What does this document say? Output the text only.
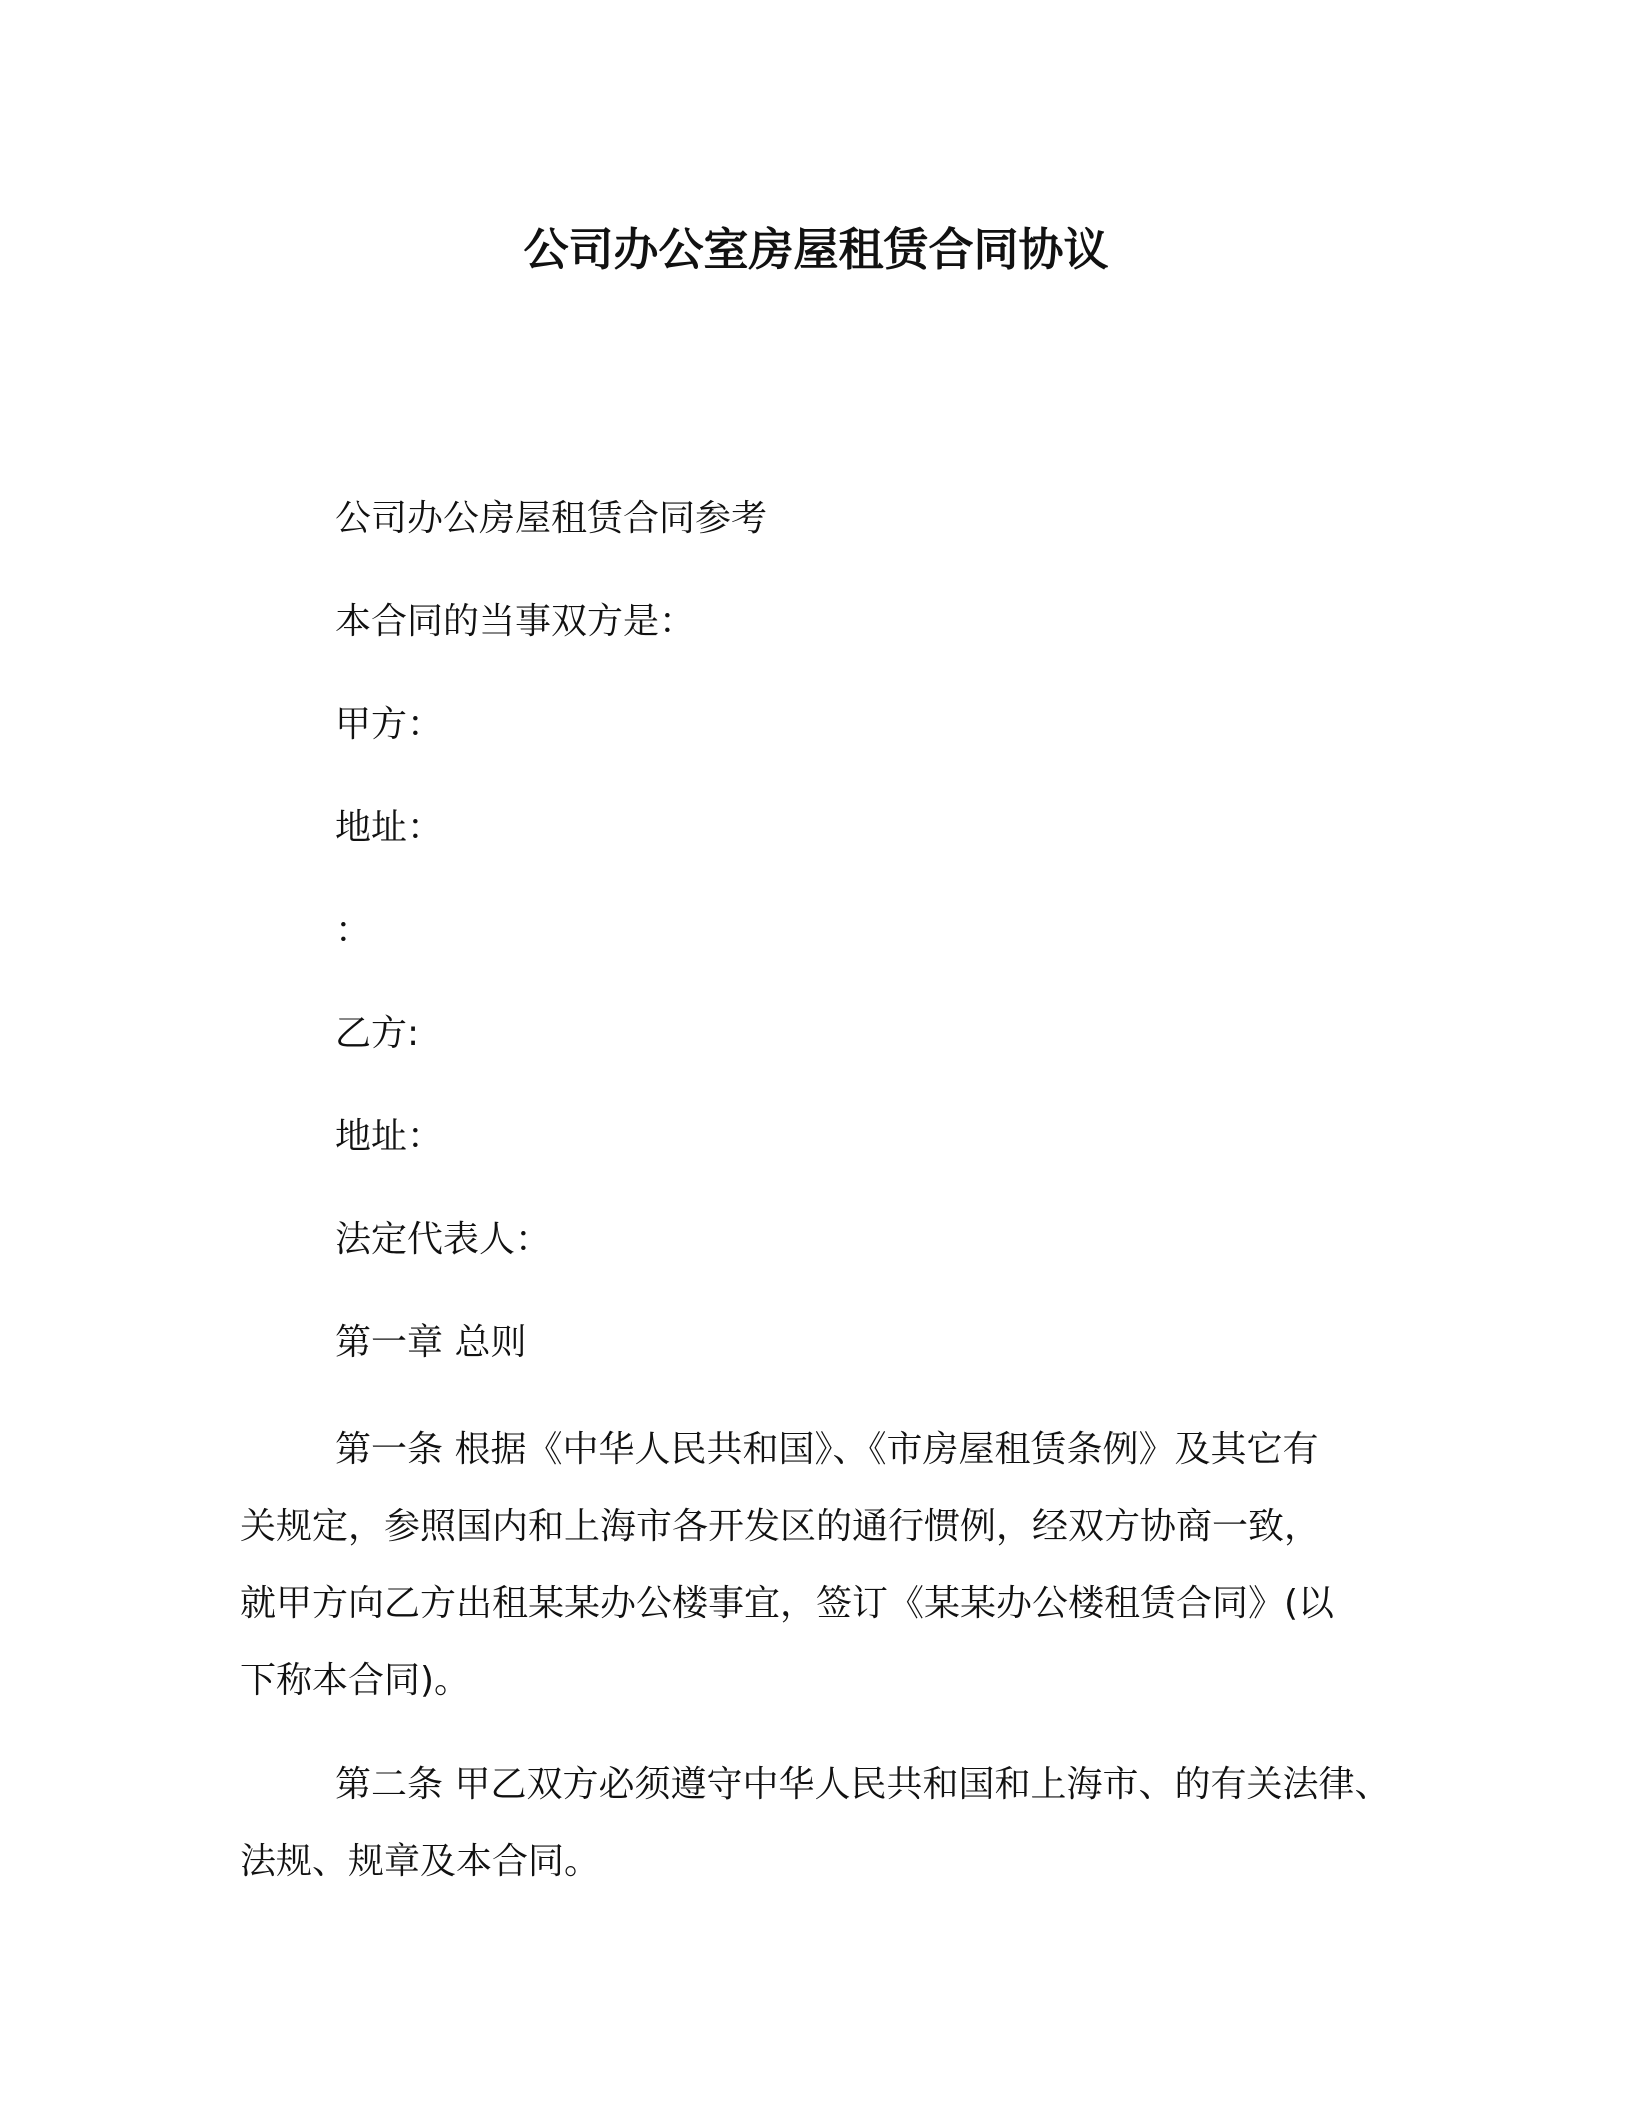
公司办公室房屋租赁合同协议
公司办公房屋租赁合同参考
本合同的当事双方是：
甲方：
地址：
：
乙方:
地址：
法定代表人：
第一章 总则
第一条 根据《中华人民共和国》、《市房屋租赁条例》及其它有
关规定，参照国内和上海市各开发区的通行惯例，经双方协商一致，
就甲方向乙方出租某某办公楼事宜，签订《某某办公楼租赁合同》(以
下称本合同)。
第二条 甲乙双方必须遵守中华人民共和国和上海市、的有关法律、
法规、规章及本合同。
